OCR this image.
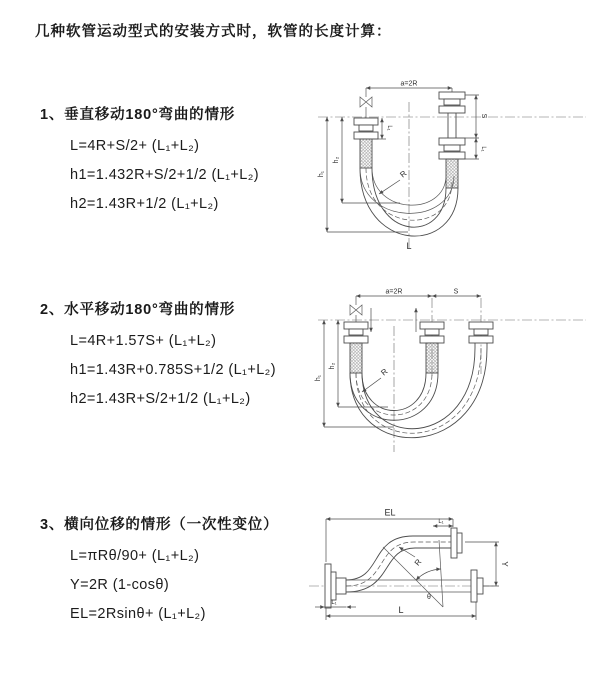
几种软管运动型式的安装方式时，软管的长度计算：
1、垂直移动180°弯曲的情形
L=4R+S/2+ (L₁+L₂)
h1=1.432R+S/2+1/2 (L₁+L₂)
h2=1.43R+1/2 (L₁+L₂)
a=2R
S
L₁
L₁
h₁
h₂
R
L
2、水平移动180°弯曲的情形
L=4R+1.57S+ (L₁+L₂)
h1=1.43R+0.785S+1/2 (L₁+L₂)
h2=1.43R+S/2+1/2 (L₁+L₂)
a=2R	S
h₁
h₂
R
3、横向位移的情形（一次性变位）
L=πRθ/90+ (L₁+L₂)
Y=2R (1-cosθ)
EL=2Rsinθ+ (L₁+L₂)
EL
L₁
Y
θ
R
L
L₁
